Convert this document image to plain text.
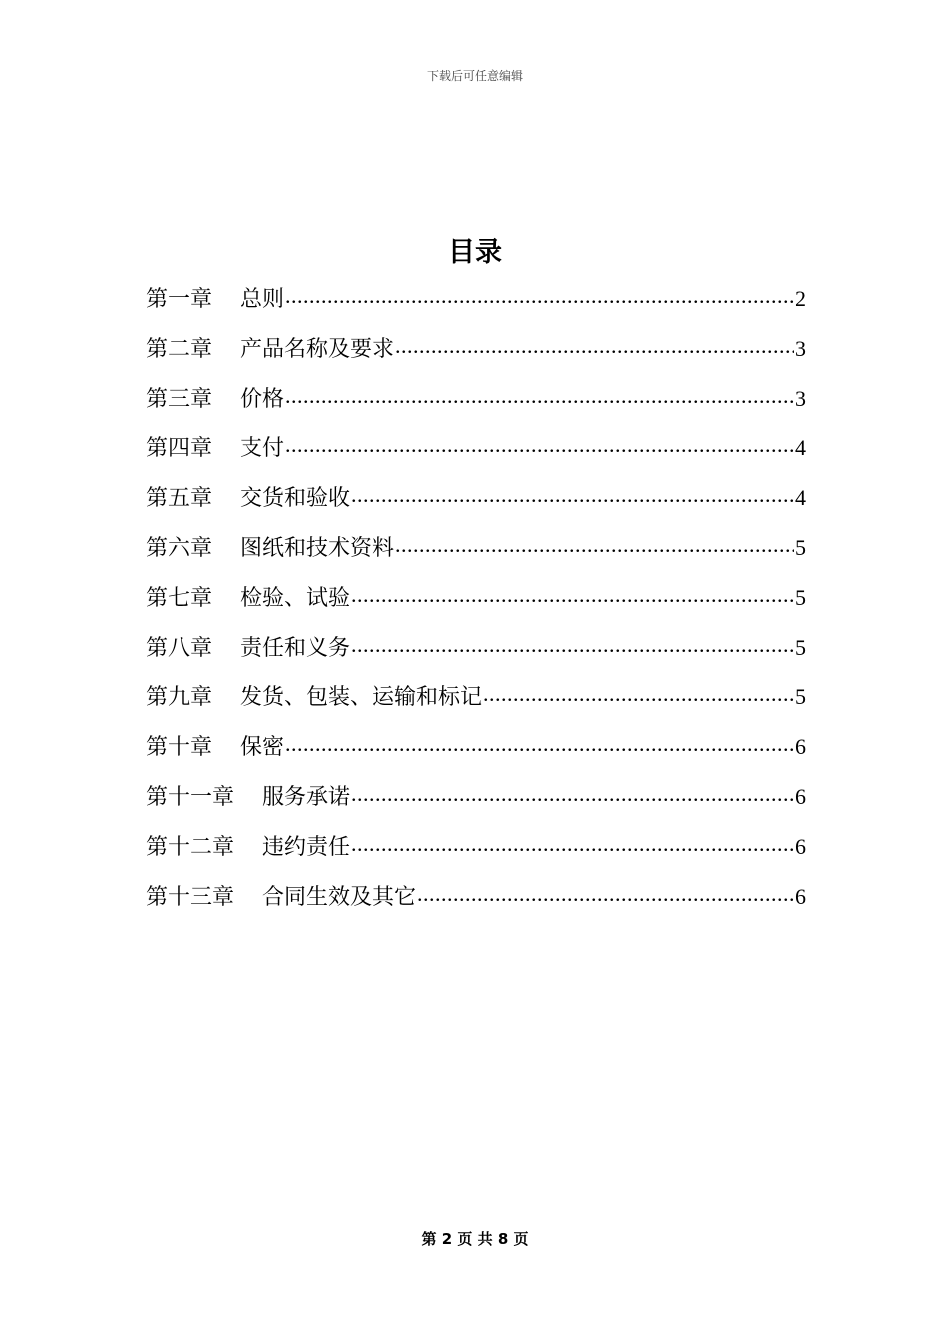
下载后可任意编辑
目录
第一章 总则 .....	2
第二章 产品名称及要求 .....	3
第三章 价格 .....	3
第四章 支付 .....	4
第五章 交货和验收 .....	4
第六章 图纸和技术资料 .....	5
第七章 检验、试验 .....	5
第八章 责任和义务 .....	5
第九章 发货、包装、运输和标记 .....	5
第十章 保密 .....	6
第十一章 服务承诺 .....	6
第十二章 违约责任 .....	6
第十三章 合同生效及其它 .....	6
第 2 页 共 8 页
